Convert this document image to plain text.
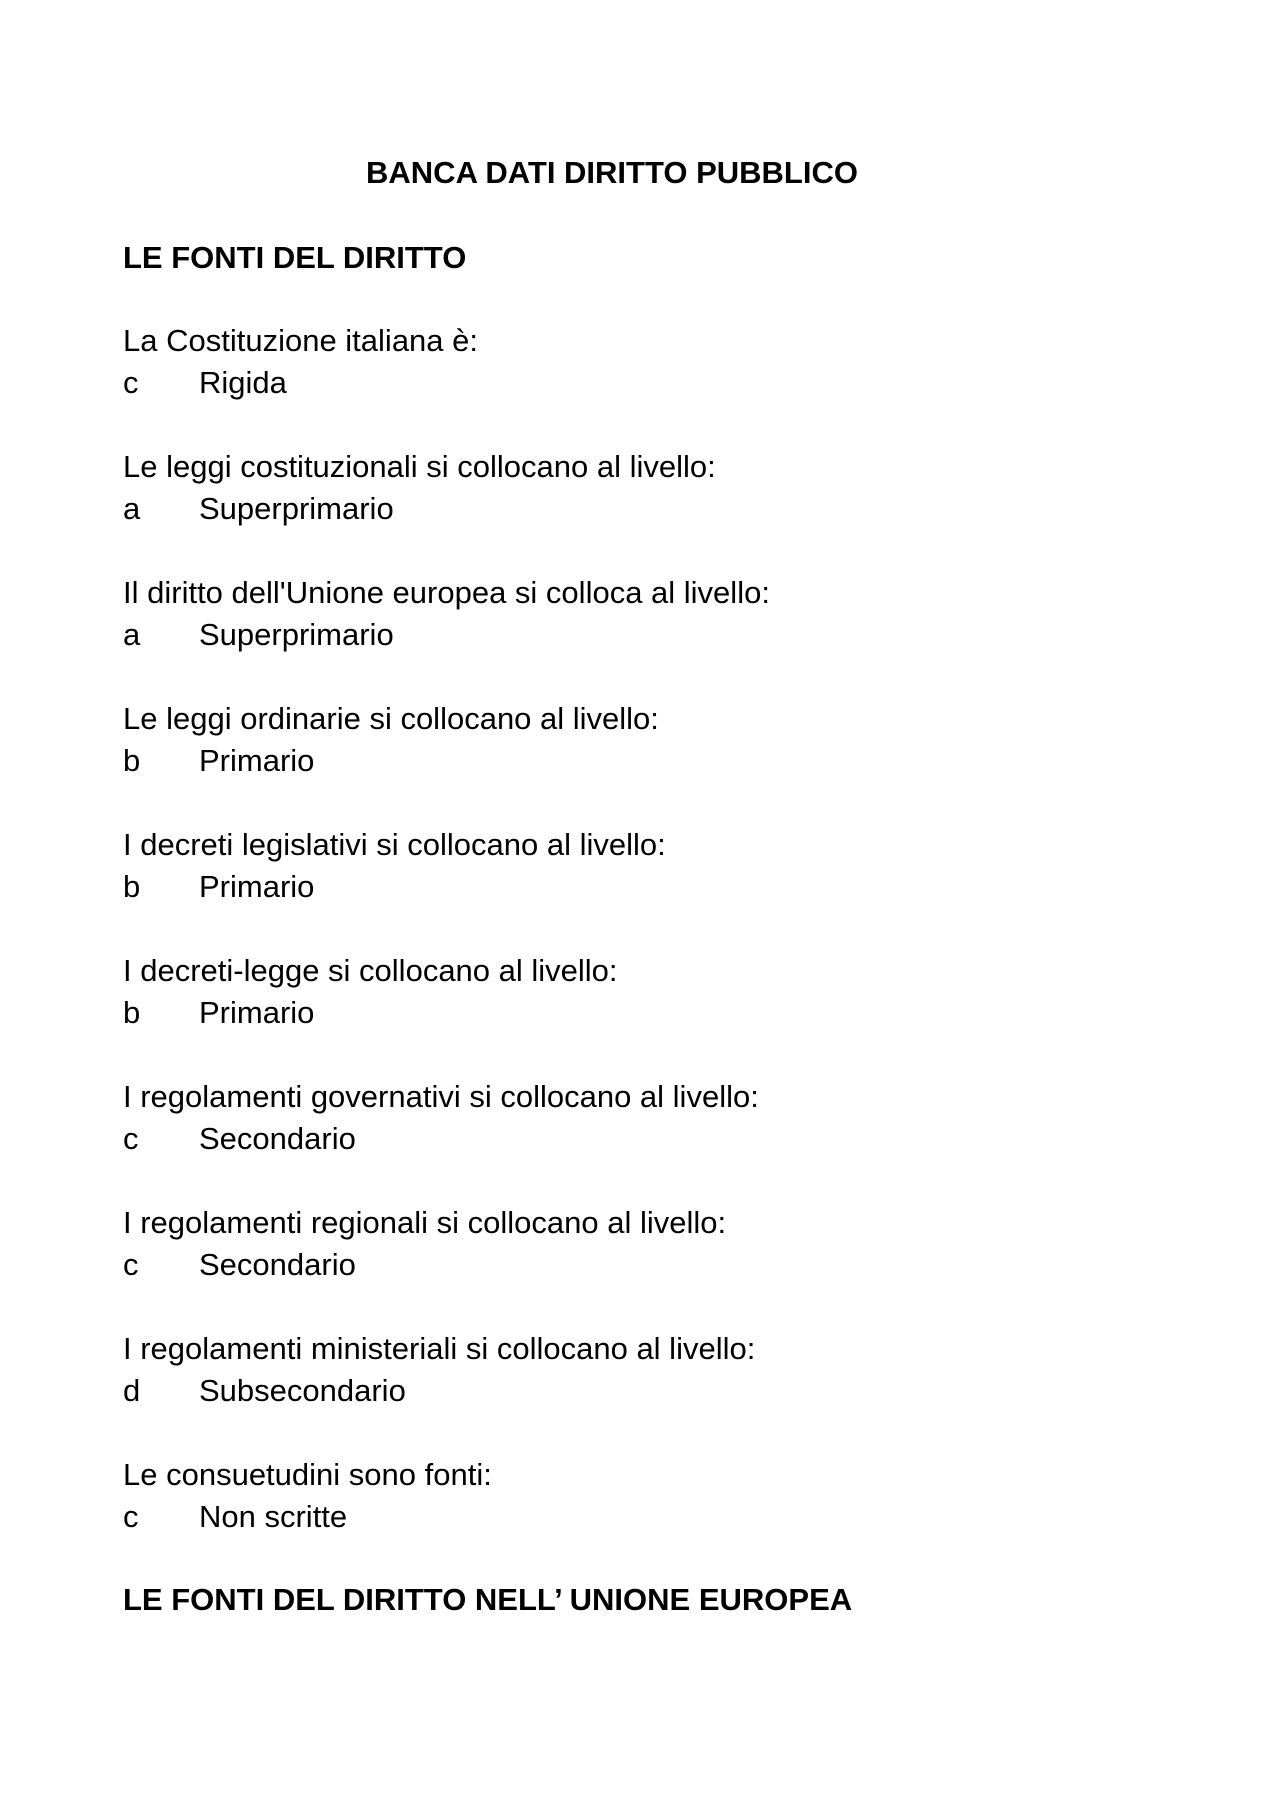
BANCA DATI DIRITTO PUBBLICO
LE FONTI DEL DIRITTO

La Costituzione italiana è:

c	Rigida

Le leggi costituzionali si collocano al livello:

a	Superprimario

Il diritto dell'Unione europea si colloca al livello:

a	Superprimario

Le leggi ordinarie si collocano al livello:

b	Primario

I decreti legislativi si collocano al livello:

b	Primario

I decreti-legge si collocano al livello:

b	Primario

I regolamenti governativi si collocano al livello:

c	Secondario

I regolamenti regionali si collocano al livello:

c	Secondario

I regolamenti ministeriali si collocano al livello:

d	Subsecondario

Le consuetudini sono fonti:

c	Non scritte

LE FONTI DEL DIRITTO NELL’ UNIONE EUROPEA
